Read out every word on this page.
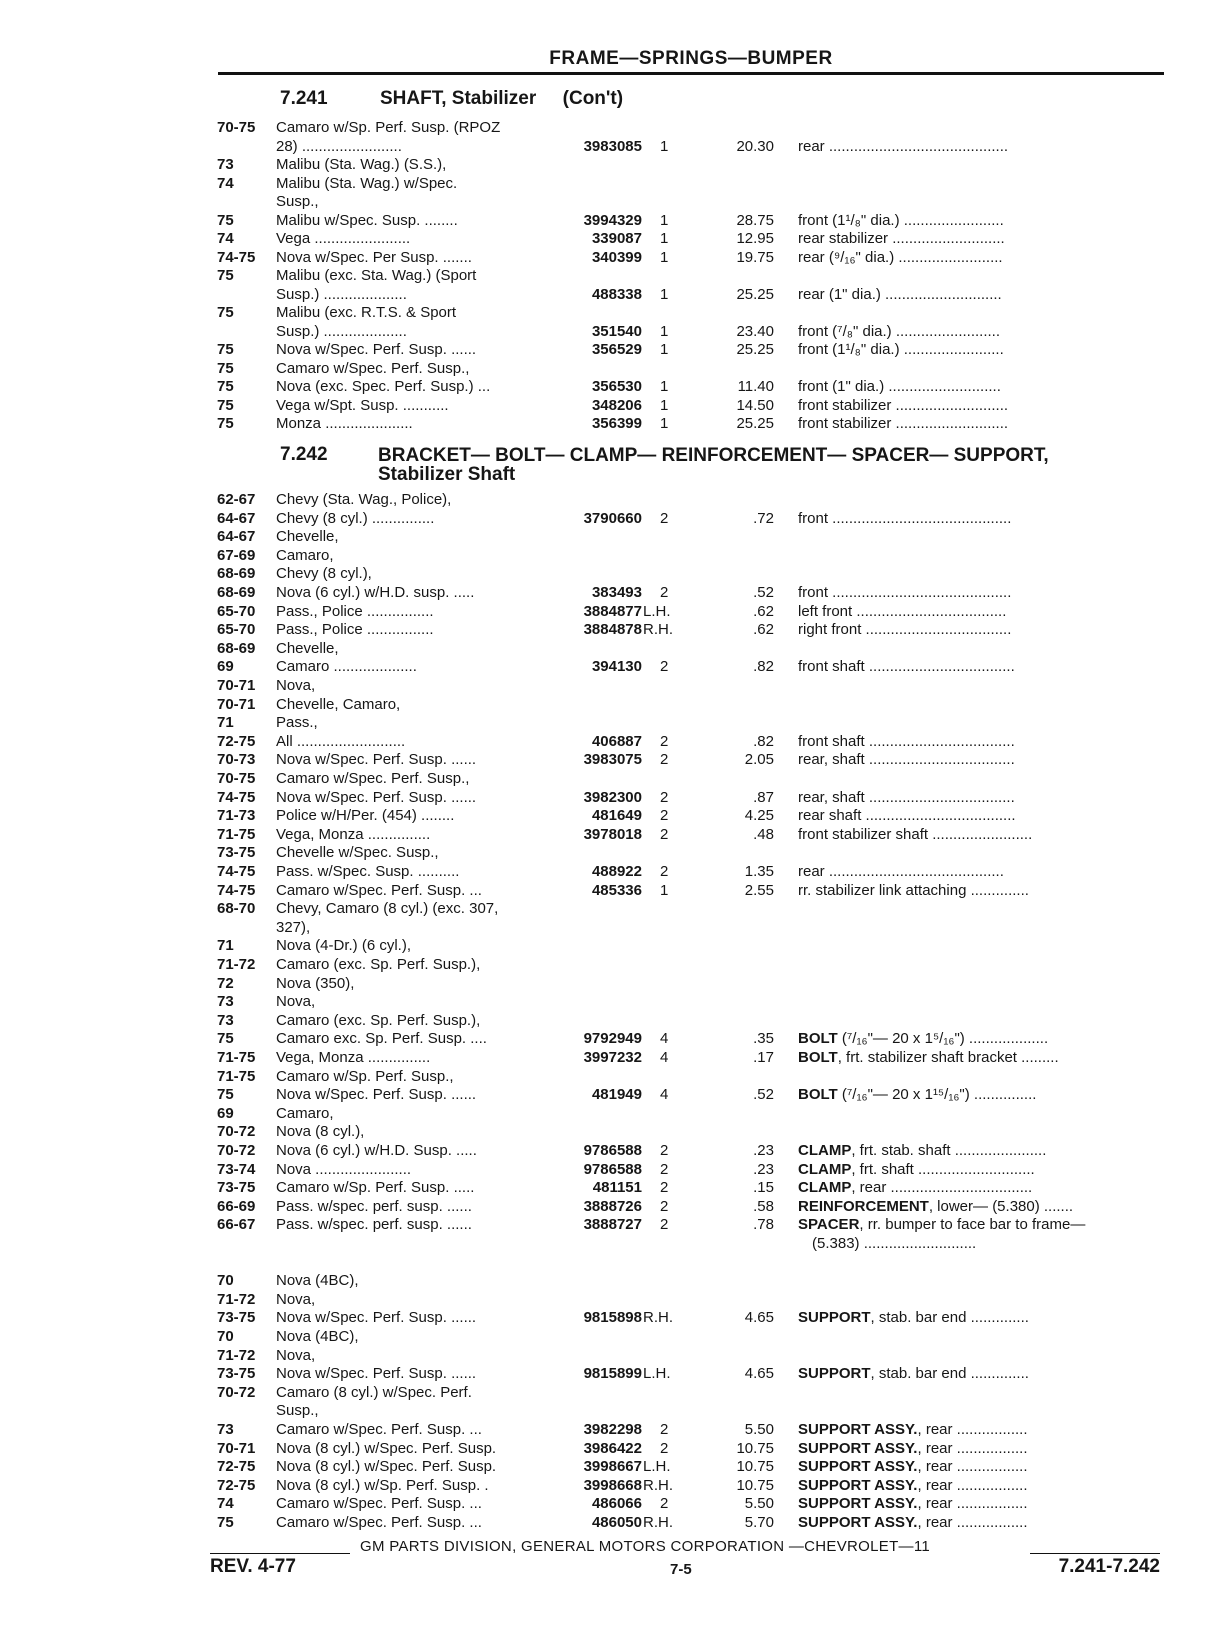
FRAME—SPRINGS—BUMPER
7.241	SHAFT, Stabilizer (Con't)
70-75 Camaro w/Sp. Perf. Susp. (RPOZ
28) ........................	3983085 1	20.30 rear ...........................................
73	Malibu (Sta. Wag.) (S.S.),
74	Malibu (Sta. Wag.) w/Spec.
Susp.,
75	Malibu w/Spec. Susp. ........	3994329 1	28.75 front (1¹/₈" dia.) ........................
74	Vega .......................	339087 1	12.95 rear stabilizer ...........................
74-75 Nova w/Spec. Per Susp. .......	340399 1	19.75 rear (⁹/₁₆" dia.) .........................
75	Malibu (exc. Sta. Wag.) (Sport
Susp.) ....................	488338 1	25.25 rear (1" dia.) ............................
75	Malibu (exc. R.T.S. & Sport
Susp.) ....................	351540 1	23.40 front (⁷/₈" dia.) .........................
75	Nova w/Spec. Perf. Susp. ......	356529 1	25.25 front (1¹/₈" dia.) ........................
75	Camaro w/Spec. Perf. Susp.,
75	Nova (exc. Spec. Perf. Susp.) ...	356530 1	11.40 front (1" dia.) ...........................
75	Vega w/Spt. Susp. ...........	348206 1	14.50 front stabilizer ...........................
75	Monza .....................	356399 1	25.25 front stabilizer ...........................
7.242	BRACKET— BOLT— CLAMP— REINFORCEMENT— SPACER— SUPPORT,
Stabilizer Shaft
62-67 Chevy (Sta. Wag., Police),
64-67 Chevy (8 cyl.) ...............	3790660 2	.72 front ...........................................
64-67 Chevelle,
67-69 Camaro,
68-69 Chevy (8 cyl.),
68-69 Nova (6 cyl.) w/H.D. susp. .....	383493 2	.52 front ...........................................
65-70 Pass., Police ................	3884877 L.H.	.62 left front ....................................
65-70 Pass., Police ................	3884878 R.H.	.62 right front ...................................
68-69 Chevelle,
69	Camaro ....................	394130 2	.82 front shaft ...................................
70-71 Nova,
70-71 Chevelle, Camaro,
71	Pass.,
72-75 All ..........................	406887 2	.82 front shaft ...................................
70-73 Nova w/Spec. Perf. Susp. ......	3983075 2	2.05 rear, shaft ...................................
70-75 Camaro w/Spec. Perf. Susp.,
74-75 Nova w/Spec. Perf. Susp. ......	3982300 2	.87 rear, shaft ...................................
71-73 Police w/H/Per. (454) ........	481649 2	4.25 rear shaft ....................................
71-75 Vega, Monza ...............	3978018 2	.48 front stabilizer shaft ........................
73-75 Chevelle w/Spec. Susp.,
74-75 Pass. w/Spec. Susp. ..........	488922 2	1.35 rear ..........................................
74-75 Camaro w/Spec. Perf. Susp. ...	485336 1	2.55 rr. stabilizer link attaching ..............
68-70 Chevy, Camaro (8 cyl.) (exc. 307,
327),
71	Nova (4-Dr.) (6 cyl.),
71-72 Camaro (exc. Sp. Perf. Susp.),
72	Nova (350),
73	Nova,
73	Camaro (exc. Sp. Perf. Susp.),
75	Camaro exc. Sp. Perf. Susp. ....	9792949 4	.35 BOLT (⁷/₁₆"— 20 x 1⁵/₁₆") ...................
71-75 Vega, Monza ...............	3997232 4	.17 BOLT, frt. stabilizer shaft bracket .........
71-75 Camaro w/Sp. Perf. Susp.,
75	Nova w/Spec. Perf. Susp. ......	481949 4	.52 BOLT (⁷/₁₆"— 20 x 1¹⁵/₁₆") ...............
69	Camaro,
70-72 Nova (8 cyl.),
70-72 Nova (6 cyl.) w/H.D. Susp. .....	9786588 2	.23 CLAMP, frt. stab. shaft ......................
73-74 Nova .......................	9786588 2	.23 CLAMP, frt. shaft ............................
73-75 Camaro w/Sp. Perf. Susp. .....	481151 2	.15 CLAMP, rear ..................................
66-69 Pass. w/spec. perf. susp. ......	3888726 2	.58 REINFORCEMENT, lower— (5.380) .......
66-67 Pass. w/spec. perf. susp. ......	3888727 2	.78 SPACER, rr. bumper to face bar to frame—
(5.383) ...........................
70	Nova (4BC),
71-72 Nova,
73-75 Nova w/Spec. Perf. Susp. ......	9815898 R.H.	4.65 SUPPORT, stab. bar end ..............
70	Nova (4BC),
71-72 Nova,
73-75 Nova w/Spec. Perf. Susp. ......	9815899 L.H.	4.65 SUPPORT, stab. bar end ..............
70-72 Camaro (8 cyl.) w/Spec. Perf.
Susp.,
73	Camaro w/Spec. Perf. Susp. ...	3982298 2	5.50 SUPPORT ASSY., rear .................
70-71 Nova (8 cyl.) w/Spec. Perf. Susp.	3986422 2	10.75 SUPPORT ASSY., rear .................
72-75 Nova (8 cyl.) w/Spec. Perf. Susp.	3998667 L.H.	10.75 SUPPORT ASSY., rear .................
72-75 Nova (8 cyl.) w/Sp. Perf. Susp. .	3998668 R.H.	10.75 SUPPORT ASSY., rear .................
74	Camaro w/Spec. Perf. Susp. ...	486066 2	5.50 SUPPORT ASSY., rear .................
75	Camaro w/Spec. Perf. Susp. ...	486050 R.H.	5.70 SUPPORT ASSY., rear .................
GM PARTS DIVISION, GENERAL MOTORS CORPORATION —CHEVROLET—11
REV. 4-77	7-5	7.241-7.242
